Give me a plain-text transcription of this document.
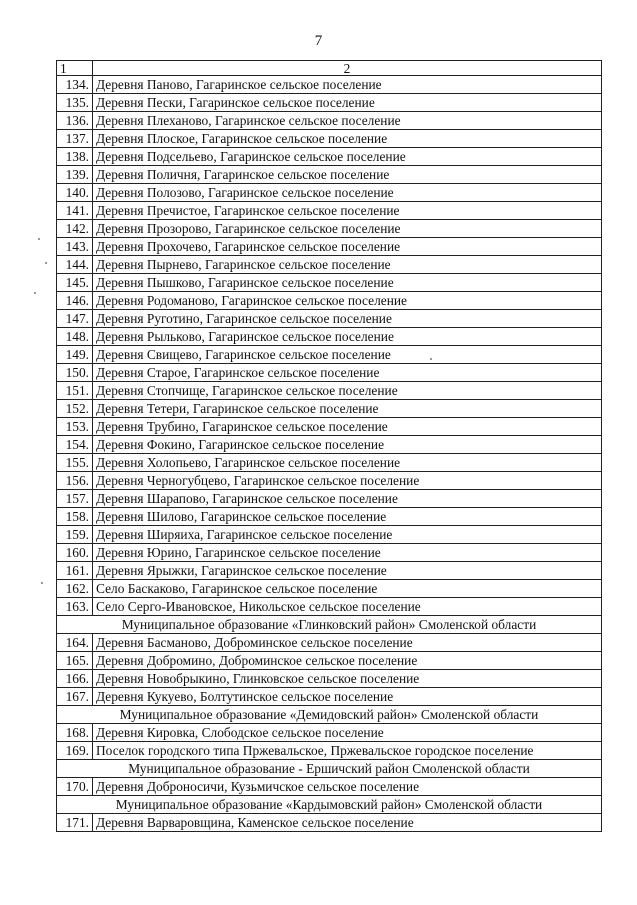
7
1	2
134.	Деревня Паново, Гагаринское сельское поселение
135.	Деревня Пески, Гагаринское сельское поселение
136.	Деревня Плеханово, Гагаринское сельское поселение
137.	Деревня Плоское, Гагаринское сельское поселение
138.	Деревня Подсельево, Гагаринское сельское поселение
139.	Деревня Поличня, Гагаринское сельское поселение
140.	Деревня Полозово, Гагаринское сельское поселение
141.	Деревня Пречистое, Гагаринское сельское поселение
142.	Деревня Прозорово, Гагаринское сельское поселение
143.	Деревня Прохочево, Гагаринское сельское поселение
144.	Деревня Пырнево, Гагаринское сельское поселение
145.	Деревня Пышково, Гагаринское сельское поселение
146.	Деревня Родоманово, Гагаринское сельское поселение
147.	Деревня Руготино, Гагаринское сельское поселение
148.	Деревня Рыльково, Гагаринское сельское поселение
149.	Деревня Свищево, Гагаринское сельское поселение
150.	Деревня Старое, Гагаринское сельское поселение
151.	Деревня Стопчище, Гагаринское сельское поселение
152.	Деревня Тетери, Гагаринское сельское поселение
153.	Деревня Трубино, Гагаринское сельское поселение
154.	Деревня Фокино, Гагаринское сельское поселение
155.	Деревня Холопьево, Гагаринское сельское поселение
156.	Деревня Черногубцево, Гагаринское сельское поселение
157.	Деревня Шарапово, Гагаринское сельское поселение
158.	Деревня Шилово, Гагаринское сельское поселение
159.	Деревня Ширяиха, Гагаринское сельское поселение
160.	Деревня Юрино, Гагаринское сельское поселение
161.	Деревня Ярыжки, Гагаринское сельское поселение
162.	Село Баскаково, Гагаринское сельское поселение
163.	Село Серго-Ивановское, Никольское сельское поселение
Муниципальное образование «Глинковский район» Смоленской области	
164.	Деревня Басманово, Доброминское сельское поселение
165.	Деревня Добромино, Доброминское сельское поселение
166.	Деревня Новобрыкино, Глинковское сельское поселение
167.	Деревня Кукуево, Болтутинское сельское поселение
Муниципальное образование «Демидовский район» Смоленской области	
168.	Деревня Кировка, Слободское сельское поселение
169.	Поселок городского типа Пржевальское, Пржевальское городское поселение
Муниципальное образование - Ершичский район Смоленской области	
170.	Деревня Доброносичи, Кузьмичское сельское поселение
Муниципальное образование «Кардымовский район» Смоленской области	
171.	Деревня Варваровщина, Каменское сельское поселение
